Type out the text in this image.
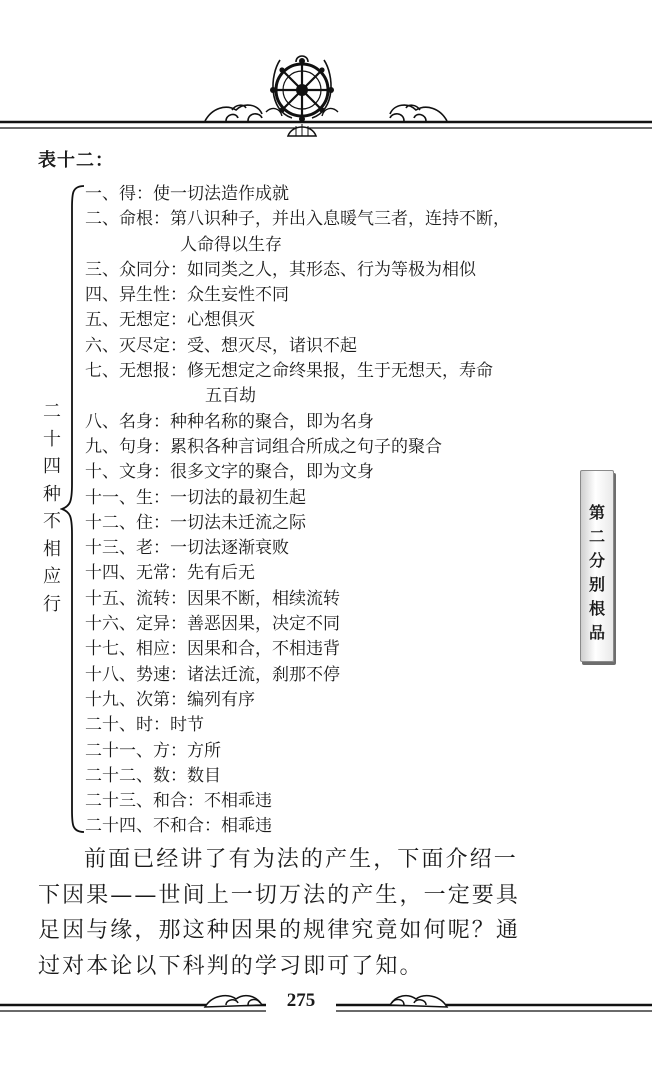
表十二：
二
十
四
种
不
相
应
行
一、得：使一切法造作成就
二、命根：第八识种子，并出入息暖气三者，连持不断，
人命得以生存
三、众同分：如同类之人，其形态、行为等极为相似
四、异生性：众生妄性不同
五、无想定：心想俱灭
六、灭尽定：受、想灭尽，诸识不起
七、无想报：修无想定之命终果报，生于无想天，寿命
五百劫
八、名身：种种名称的聚合，即为名身
九、句身：累积各种言词组合所成之句子的聚合
十、文身：很多文字的聚合，即为文身
十一、生：一切法的最初生起
十二、住：一切法未迁流之际
十三、老：一切法逐渐衰败
十四、无常：先有后无
十五、流转：因果不断，相续流转
十六、定异：善恶因果，决定不同
十七、相应：因果和合，不相违背
十八、势速：诸法迁流，刹那不停
十九、次第：编列有序
二十、时：时节
二十一、方：方所
二十二、数：数目
二十三、和合：不相乖违
二十四、不和合：相乖违

前面已经讲了有为法的产生，下面介绍一

下因果——世间上一切万法的产生，一定要具

足因与缘，那这种因果的规律究竟如何呢？通

过对本论以下科判的学习即可了知。

275
第
二
分
别
根
品
